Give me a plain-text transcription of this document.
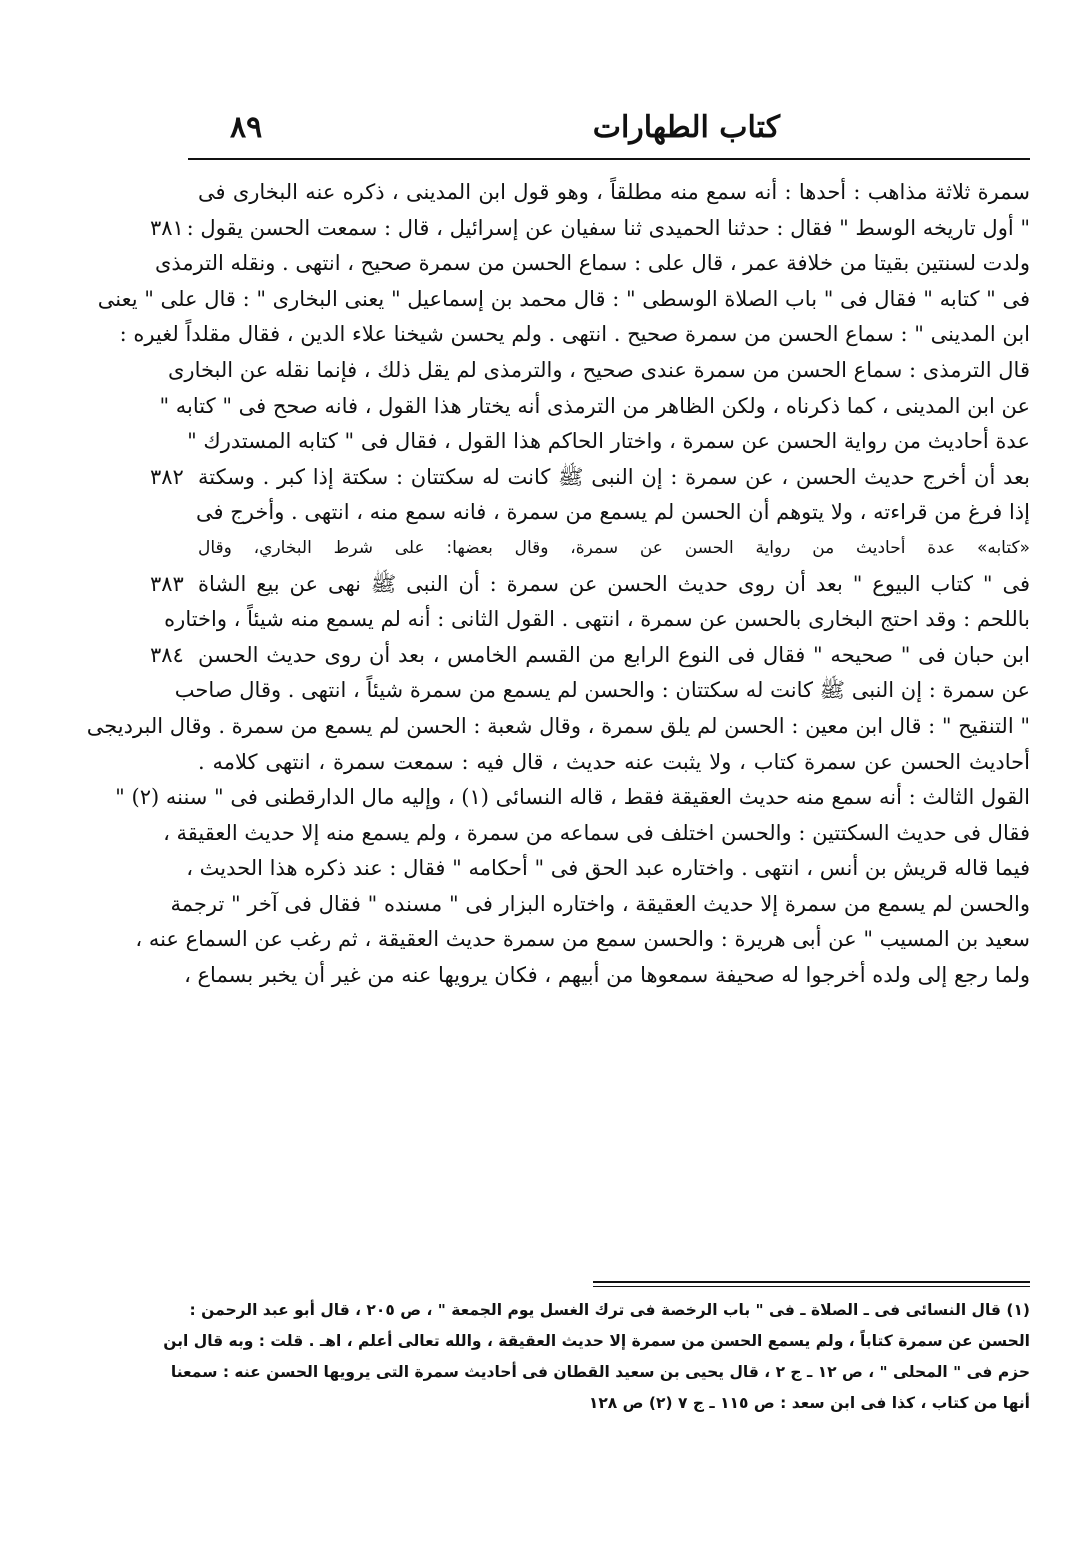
كتاب الطهارات
٨٩
سمرة ثلاثة مذاهب : أحدها : أنه سمع منه مطلقاً ، وهو قول ابن المدينى ، ذكره عنه البخارى فى
" أول تاريخه الوسط " فقال : حدثنا الحميدى ثنا سفيان عن إسرائيل ، قال : سمعت الحسن يقول :
٣٨١
ولدت لسنتين بقيتا من خلافة عمر ، قال على : سماع الحسن من سمرة صحيح ، انتهى . ونقله الترمذى
فى " كتابه " فقال فى " باب الصلاة الوسطى " : قال محمد بن إسماعيل " يعنى البخارى " : قال على " يعنى
ابن المدينى " : سماع الحسن من سمرة صحيح . انتهى . ولم يحسن شيخنا علاء الدين ، فقال مقلداً لغيره :
قال الترمذى : سماع الحسن من سمرة عندى صحيح ، والترمذى لم يقل ذلك ، فإنما نقله عن البخارى
عن ابن المدينى ، كما ذكرناه ، ولكن الظاهر من الترمذى أنه يختار هذا القول ، فانه صحح فى " كتابه "
عدة أحاديث من رواية الحسن عن سمرة ، واختار الحاكم هذا القول ، فقال فى " كتابه المستدرك "
بعد أن أخرج حديث الحسن ، عن سمرة : إن النبى ﷺ كانت له سكتتان : سكتة إذا كبر . وسكتة
٣٨٢
إذا فرغ من قراءته ، ولا يتوهم أن الحسن لم يسمع من سمرة ، فانه سمع منه ، انتهى . وأخرج فى
«كتابه» عدة أحاديث من رواية الحسن عن سمرة، وقال بعضها: على شرط البخاري، وقال
فى " كتاب البيوع " بعد أن روى حديث الحسن عن سمرة : أن النبى ﷺ نهى عن بيع الشاة
٣٨٣
باللحم : وقد احتج البخارى بالحسن عن سمرة ، انتهى . القول الثانى : أنه لم يسمع منه شيئاً ، واختاره
ابن حبان فى " صحيحه " فقال فى النوع الرابع من القسم الخامس ، بعد أن روى حديث الحسن
٣٨٤
عن سمرة : إن النبى ﷺ كانت له سكتتان : والحسن لم يسمع من سمرة شيئاً ، انتهى . وقال صاحب
" التنقيح " : قال ابن معين : الحسن لم يلق سمرة ، وقال شعبة : الحسن لم يسمع من سمرة . وقال البرديجى
أحاديث الحسن عن سمرة كتاب ، ولا يثبت عنه حديث ، قال فيه : سمعت سمرة ، انتهى كلامه .
القول الثالث : أنه سمع منه حديث العقيقة فقط ، قاله النسائى (١) ، وإليه مال الدارقطنى فى " سننه (٢) "
فقال فى حديث السكتتين : والحسن اختلف فى سماعه من سمرة ، ولم يسمع منه إلا حديث العقيقة ،
فيما قاله قريش بن أنس ، انتهى . واختاره عبد الحق فى " أحكامه " فقال : عند ذكره هذا الحديث ،
والحسن لم يسمع من سمرة إلا حديث العقيقة ، واختاره البزار فى " مسنده " فقال فى آخر " ترجمة
سعيد بن المسيب " عن أبى هريرة : والحسن سمع من سمرة حديث العقيقة ، ثم رغب عن السماع عنه ،
ولما رجع إلى ولده أخرجوا له صحيفة سمعوها من أبيهم ، فكان يرويها عنه من غير أن يخبر بسماع ،
(١) قال النسائى فى ـ الصلاة ـ فى " باب الرخصة فى ترك الغسل يوم الجمعة " ، ص ٢٠٥ ، قال أبو عبد الرحمن :
الحسن عن سمرة كتاباً ، ولم يسمع الحسن من سمرة إلا حديث العقيقة ، والله تعالى أعلم ، اهـ . قلت : وبه قال ابن
حزم فى " المحلى " ، ص ١٢ ـ ج ٢ ، قال يحيى بن سعيد القطان فى أحاديث سمرة التى يرويها الحسن عنه : سمعنا
أنها من كتاب ، كذا فى ابن سعد : ص ١١٥ ـ ج ٧ (٢) ص ١٢٨
